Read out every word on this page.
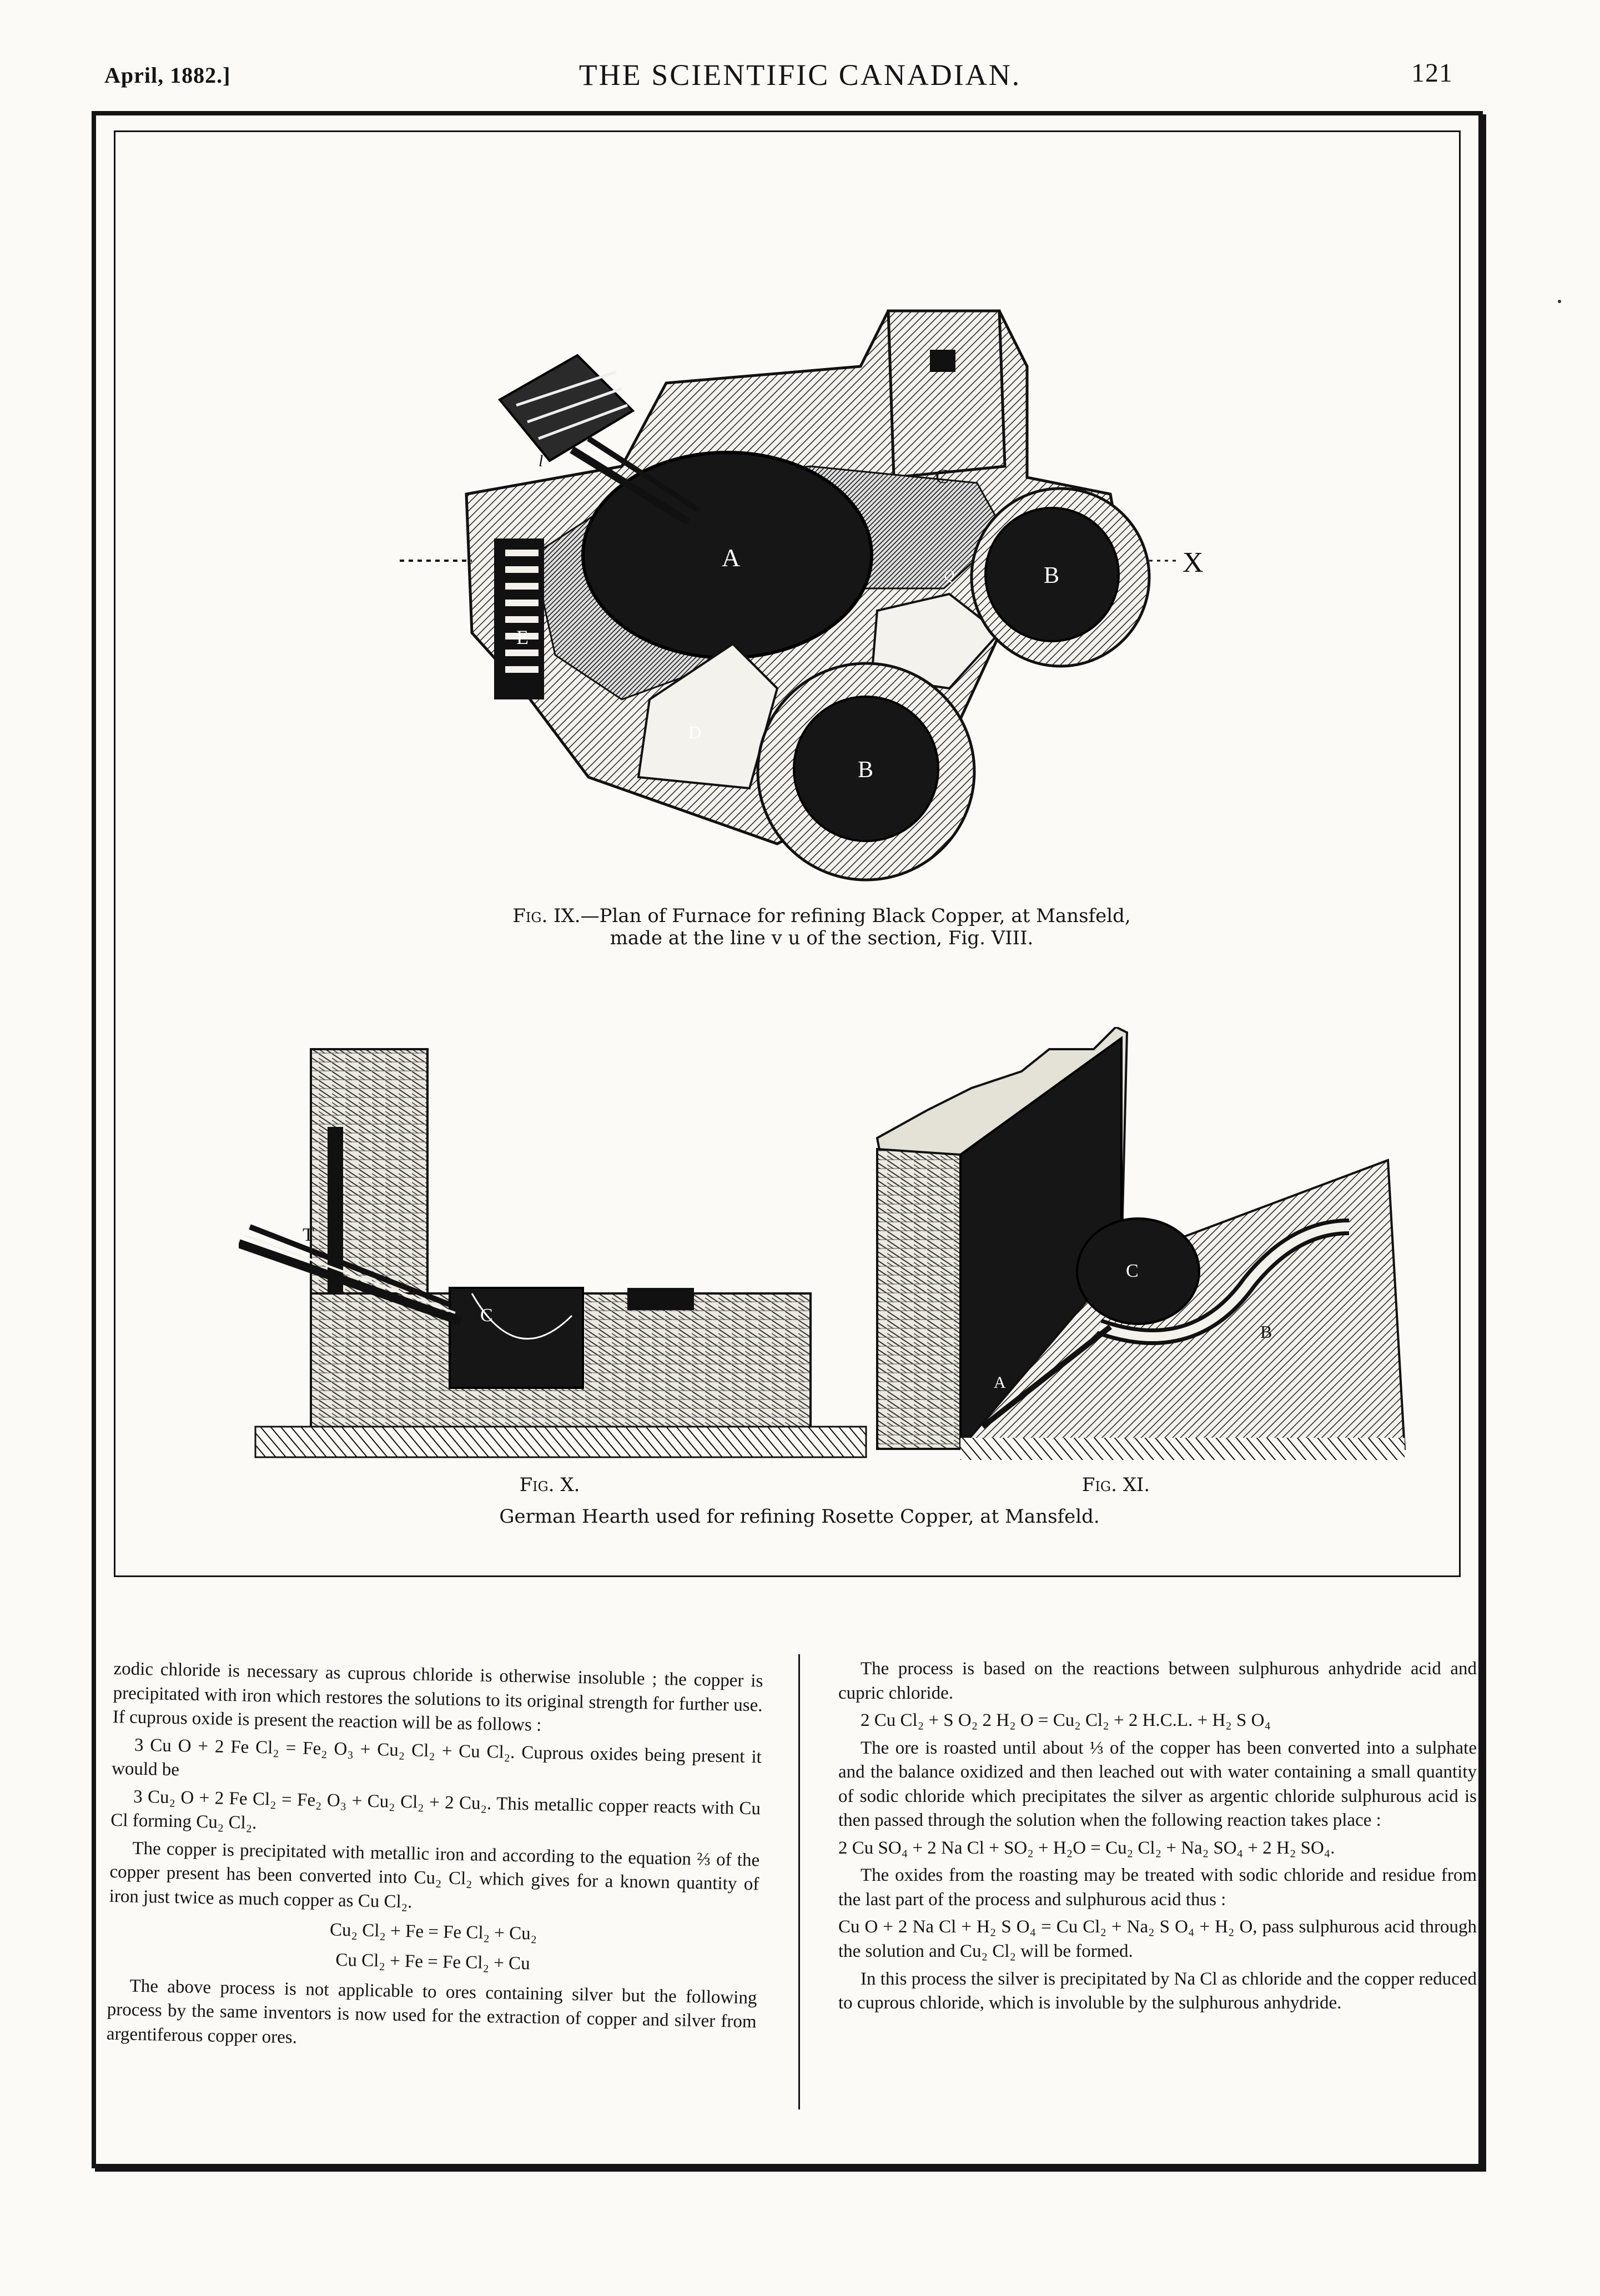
April, 1882.]	THE SCIENTIFIC CANADIAN.	121
A
B
B
C
D
E
Q
l
X
Fig. IX.—Plan of Furnace for refining Black Copper, at Mansfeld,
made at the line v u of the section, Fig. VIII.
T
C
C
A
B
Fig. X.	Fig. XI.
German Hearth used for refining Rosette Copper, at Mansfeld.

zodic chloride is necessary as cuprous chloride is otherwise insoluble ; the copper is precipitated with iron which restores the solutions to its original strength for further use. If cuprous oxide is present the reaction will be as follows :

3 Cu O + 2 Fe Cl₂ = Fe₂ O₃ + Cu₂ Cl₂ + Cu Cl₂. Cuprous oxides being present it would be

3 Cu₂ O + 2 Fe Cl₂ = Fe₂ O₃ + Cu₂ Cl₂ + 2 Cu₂. This metallic copper reacts with Cu Cl forming Cu₂ Cl₂.

The copper is precipitated with metallic iron and according to the equation ⅔ of the copper present has been converted into Cu₂ Cl₂ which gives for a known quantity of iron just twice as much copper as Cu Cl₂.

Cu₂ Cl₂ + Fe = Fe Cl₂ + Cu₂

Cu Cl₂ + Fe = Fe Cl₂ + Cu

The above process is not applicable to ores containing silver but the following process by the same inventors is now used for the extraction of copper and silver from argentiferous copper ores.

The process is based on the reactions between sulphurous anhydride acid and cupric chloride.

2 Cu Cl₂ + S O₂ 2 H₂ O = Cu₂ Cl₂ + 2 H.C.L. + H₂ S O₄

The ore is roasted until about ⅓ of the copper has been converted into a sulphate and the balance oxidized and then leached out with water containing a small quantity of sodic chloride which precipitates the silver as argentic chloride sulphurous acid is then passed through the solution when the following reaction takes place :

2 Cu SO₄ + 2 Na Cl + SO₂ + H₂O = Cu₂ Cl₂ + Na₂ SO₄ + 2 H₂ SO₄.

The oxides from the roasting may be treated with sodic chloride and residue from the last part of the process and sulphurous acid thus :

Cu O + 2 Na Cl + H₂ S O₄ = Cu Cl₂ + Na₂ S O₄ + H₂ O, pass sulphurous acid through the solution and Cu₂ Cl₂ will be formed.

In this process the silver is precipitated by Na Cl as chloride and the copper reduced to cuprous chloride, which is involuble by the sulphurous anhydride.
